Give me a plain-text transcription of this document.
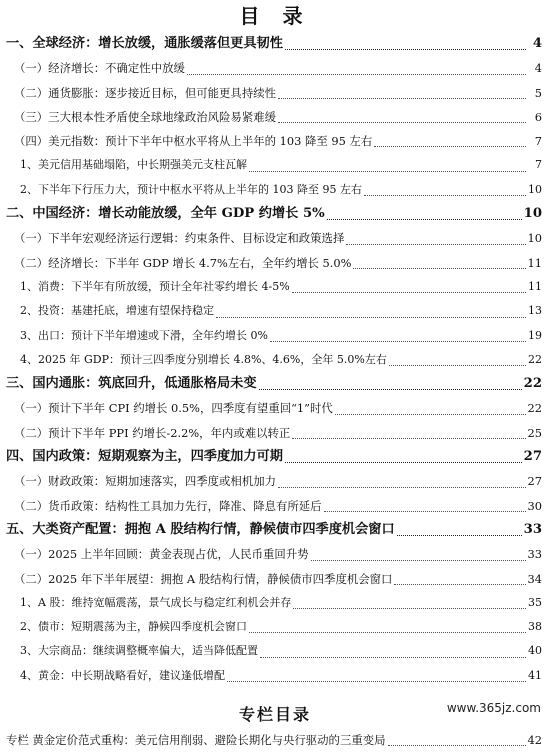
目 录
一、全球经济：增长放缓，通胀缓落但更具韧性	4
（一）经济增长：不确定性中放缓	4
（二）通货膨胀：逐步接近目标，但可能更具持续性	5
（三）三大根本性矛盾使全球地缘政治风险易紧难缓	6
（四）美元指数：预计下半年中枢水平将从上半年的 103 降至 95 左右	7
1、美元信用基础塌陷，中长期强美元支柱瓦解	7
2、下半年下行压力大，预计中枢水平将从上半年的 103 降至 95 左右	10
二、中国经济：增长动能放缓，全年 GDP 约增长 5%	10
（一）下半年宏观经济运行逻辑：约束条件、目标设定和政策选择	10
（二）经济增长：下半年 GDP 增长 4.7%左右，全年约增长 5.0%	11
1、消费：下半年有所放缓，预计全年社零约增长 4-5%	11
2、投资：基建托底，增速有望保持稳定	13
3、出口：预计下半年增速或下滑，全年约增长 0%	19
4、2025 年 GDP：预计三四季度分别增长 4.8%、4.6%，全年 5.0%左右	22
三、国内通胀：筑底回升，低通胀格局未变	22
（一）预计下半年 CPI 约增长 0.5%，四季度有望重回“1”时代	22
（二）预计下半年 PPI 约增长-2.2%，年内或难以转正	25
四、国内政策：短期观察为主，四季度加力可期	27
（一）财政政策：短期加速落实，四季度或相机加力	27
（二）货币政策：结构性工具加力先行，降准、降息有所延后	30
五、大类资产配置：拥抱 A 股结构行情，静候债市四季度机会窗口	33
（一）2025 上半年回顾：黄金表现占优，人民币重回升势	33
（二）2025 年下半年展望：拥抱 A 股结构行情，静候债市四季度机会窗口	34
1、A 股：维持宽幅震荡，景气成长与稳定红利机会并存	35
2、债市：短期震荡为主，静候四季度机会窗口	38
3、大宗商品：继续调整概率偏大，适当降低配置	40
4、黄金：中长期战略看好，建议逢低增配	41
专栏目录
专栏 黄金定价范式重构：美元信用削弱、避险长期化与央行驱动的三重变局	42
www.365jz.com
